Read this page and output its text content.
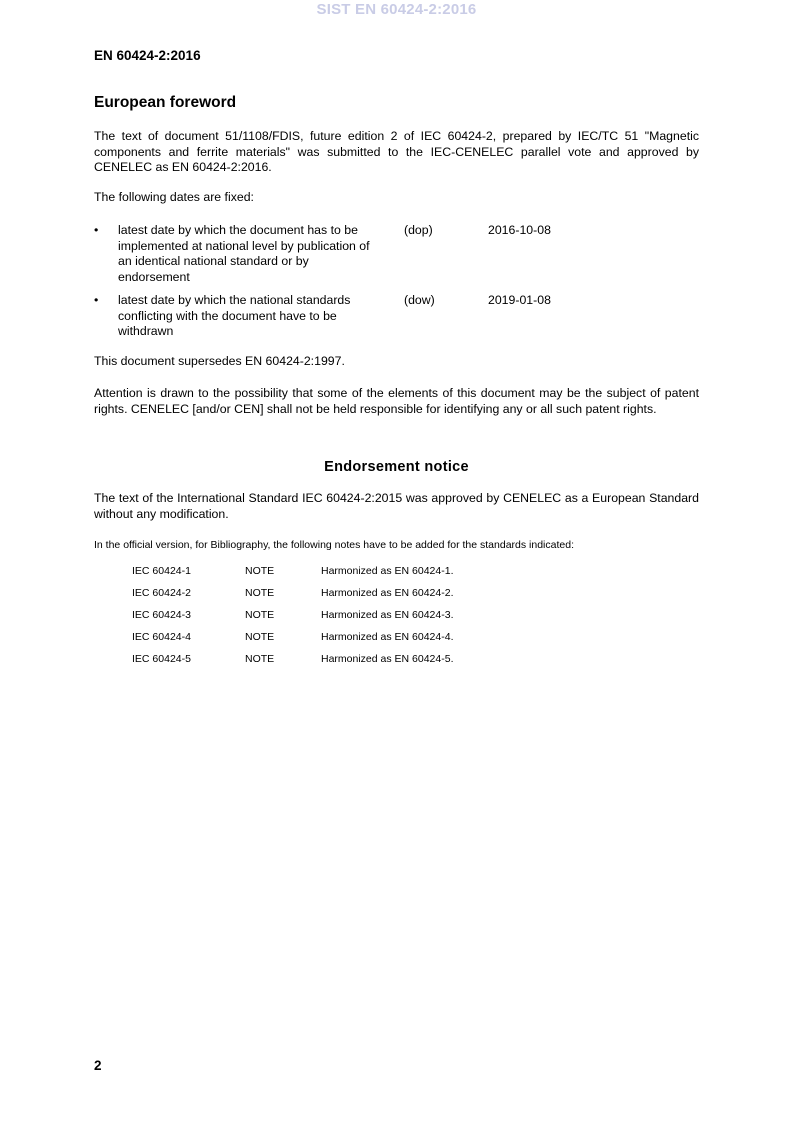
SIST EN 60424-2:2016
EN 60424-2:2016
European foreword

The text of document 51/1108/FDIS, future edition 2 of IEC 60424-2, prepared by IEC/TC 51 "Magnetic components and ferrite materials" was submitted to the IEC-CENELEC parallel vote and approved by CENELEC as EN 60424-2:2016.

The following dates are fixed:

• latest date by which the document has to be implemented at national level by publication of an identical national standard or by endorsement
(dop)	2016-10-08
• latest date by which the national standards conflicting with the document have to be withdrawn
(dow)	2019-01-08

This document supersedes EN 60424-2:1997.

Attention is drawn to the possibility that some of the elements of this document may be the subject of patent rights. CENELEC [and/or CEN] shall not be held responsible for identifying any or all such patent rights.

Endorsement notice

The text of the International Standard IEC 60424-2:2015 was approved by CENELEC as a European Standard without any modification.

In the official version, for Bibliography, the following notes have to be added for the standards indicated:
IEC 60424-1	NOTE	Harmonized as EN 60424-1.
IEC 60424-2	NOTE	Harmonized as EN 60424-2.
IEC 60424-3	NOTE	Harmonized as EN 60424-3.
IEC 60424-4	NOTE	Harmonized as EN 60424-4.
IEC 60424-5	NOTE	Harmonized as EN 60424-5.
2
